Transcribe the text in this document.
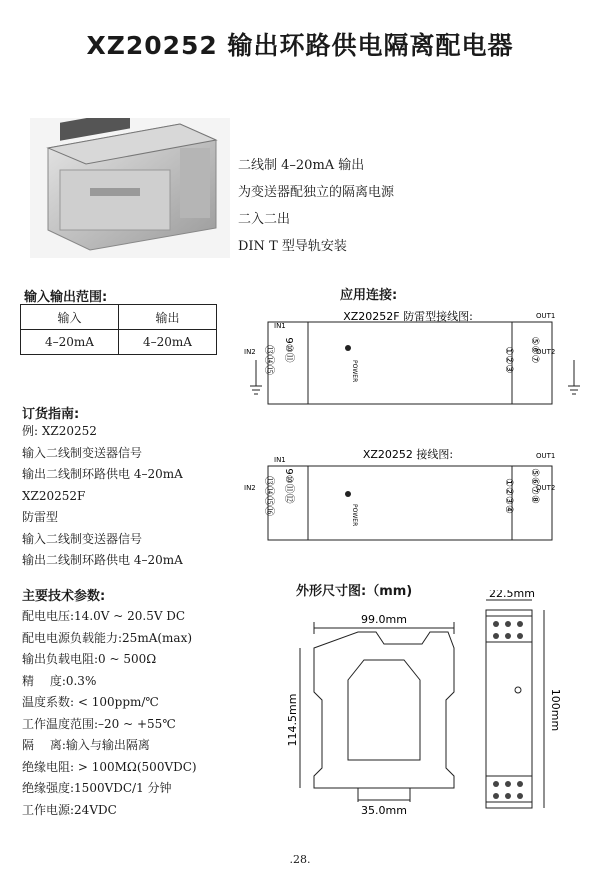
XZ20252 输出环路供电隔离配电器
二线制 4–20mA 输出
为变送器配独立的隔离电源
二入二出
DIN T 型导轨安装
输入输出范围:
输入	输出
4–20mA	4–20mA
订货指南:
例: XZ20252
输入二线制变送器信号
输出二线制环路供电 4–20mA
XZ20252F
防雷型
输入二线制变送器信号
输出二线制环路供电 4–20mA
主要技术参数:
配电电压:14.0V ~ 20.5V DC
配电电源负载能力:25mA(max)
输出负载电阻:0 ~ 500Ω
精　 度:0.3%
温度系数: < 100ppm/℃
工作温度范围:–20 ~ +55℃
隔　 离:输入与输出隔离
绝缘电阻: > 100MΩ(500VDC)
绝缘强度:1500VDC/1 分钟
工作电源:24VDC
应用连接:
XZ20252F 防雷型接线图:
IN1
IN2
OUT1
OUT2
POWER
9⑩⑪
⑬⑭⑮	⑤⑥⑦
①②③
XZ20252 接线图:
IN1
IN2
OUT1
OUT2
POWER
9⑩⑪⑫
⑬⑭⑮⑯	⑤⑥⑦⑧
①②③④
外形尺寸图:（mm)
99.0mm
114.5mm
35.0mm
22.5mm
100mm
.28.
